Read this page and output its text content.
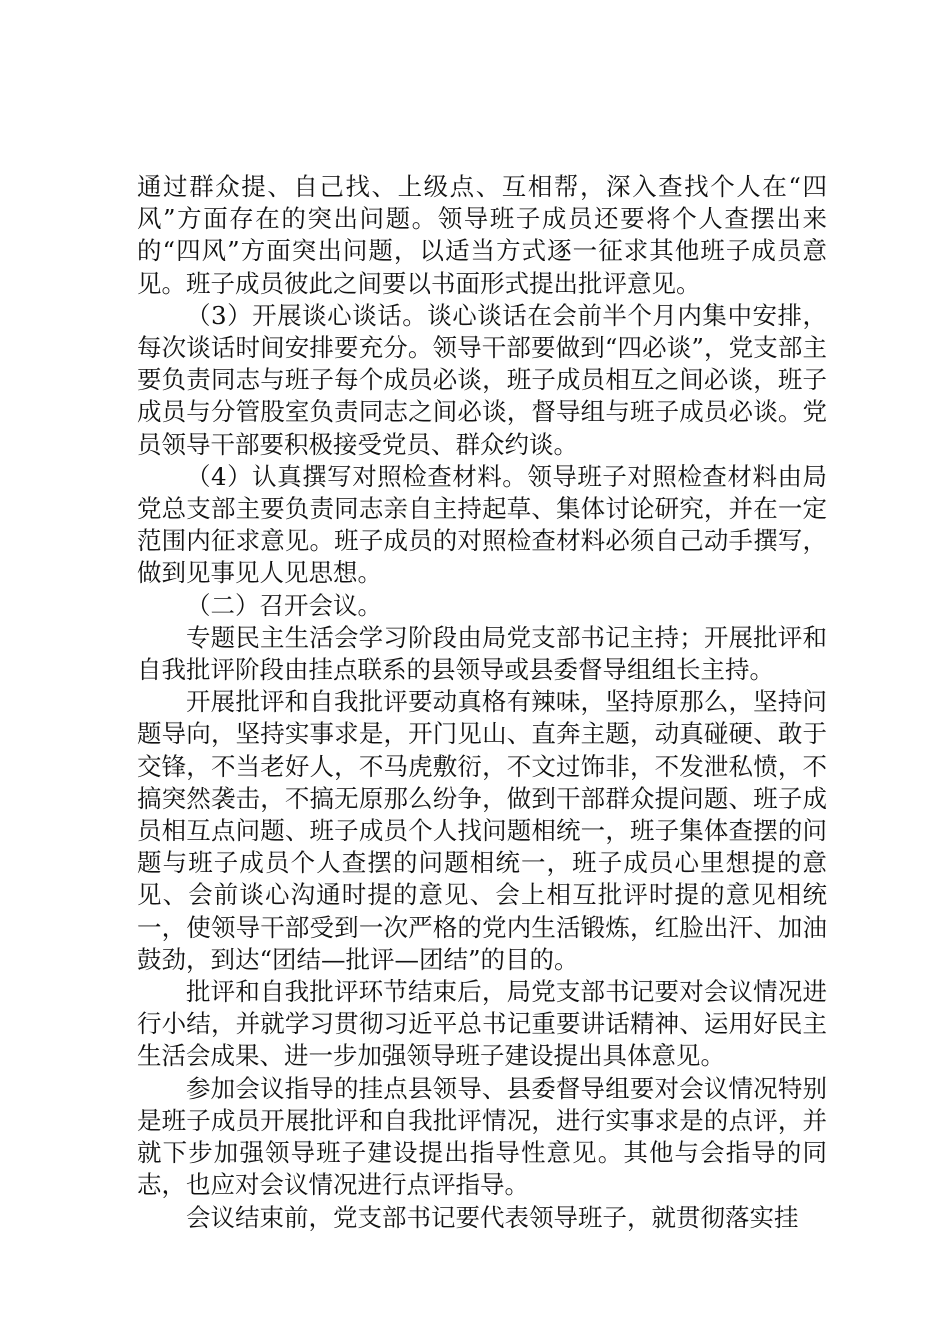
通过群众提、自己找、上级点、互相帮，深入查找个人在“四风”方面存在的突出问题。领导班子成员还要将个人查摆出来的“四风”方面突出问题，以适当方式逐一征求其他班子成员意见。班子成员彼此之间要以书面形式提出批评意见。

（3）开展谈心谈话。谈心谈话在会前半个月内集中安排，每次谈话时间安排要充分。领导干部要做到“四必谈”，党支部主要负责同志与班子每个成员必谈，班子成员相互之间必谈，班子成员与分管股室负责同志之间必谈，督导组与班子成员必谈。党员领导干部要积极接受党员、群众约谈。

（4）认真撰写对照检查材料。领导班子对照检查材料由局党总支部主要负责同志亲自主持起草、集体讨论研究，并在一定范围内征求意见。班子成员的对照检查材料必须自己动手撰写，做到见事见人见思想。

（二）召开会议。

专题民主生活会学习阶段由局党支部书记主持；开展批评和自我批评阶段由挂点联系的县领导或县委督导组组长主持。

开展批评和自我批评要动真格有辣味，坚持原那么，坚持问题导向，坚持实事求是，开门见山、直奔主题，动真碰硬、敢于交锋，不当老好人，不马虎敷衍，不文过饰非，不发泄私愤，不搞突然袭击，不搞无原那么纷争，做到干部群众提问题、班子成员相互点问题、班子成员个人找问题相统一，班子集体查摆的问题与班子成员个人查摆的问题相统一，班子成员心里想提的意见、会前谈心沟通时提的意见、会上相互批评时提的意见相统一，使领导干部受到一次严格的党内生活锻炼，红脸出汗、加油鼓劲，到达“团结—批评—团结”的目的。

批评和自我批评环节结束后，局党支部书记要对会议情况进行小结，并就学习贯彻习近平总书记重要讲话精神、运用好民主生活会成果、进一步加强领导班子建设提出具体意见。

参加会议指导的挂点县领导、县委督导组要对会议情况特别是班子成员开展批评和自我批评情况，进行实事求是的点评，并就下步加强领导班子建设提出指导性意见。其他与会指导的同志，也应对会议情况进行点评指导。

会议结束前，党支部书记要代表领导班子，就贯彻落实挂
